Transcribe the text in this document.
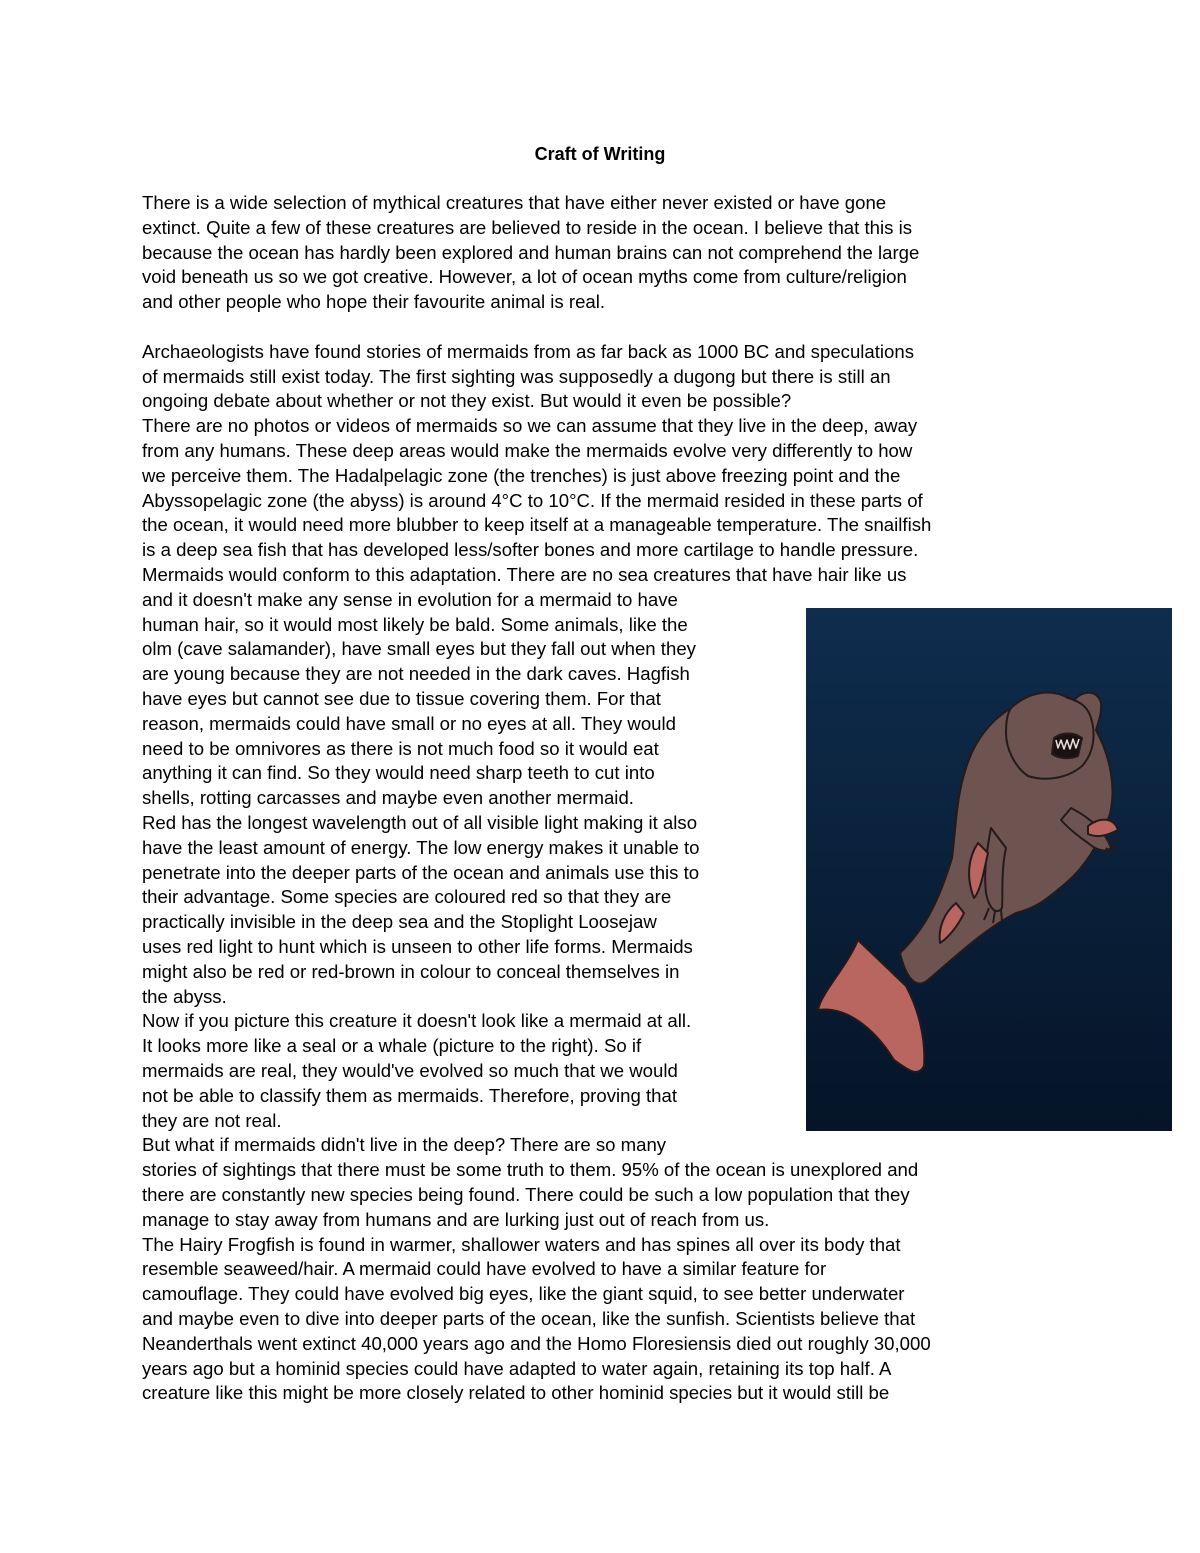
Craft of Writing

There is a wide selection of mythical creatures that have either never existed or have gone

extinct. Quite a few of these creatures are believed to reside in the ocean. I believe that this is

because the ocean has hardly been explored and human brains can not comprehend the large

void beneath us so we got creative. However, a lot of ocean myths come from culture/religion

and other people who hope their favourite animal is real.

Archaeologists have found stories of mermaids from as far back as 1000 BC and speculations

of mermaids still exist today. The first sighting was supposedly a dugong but there is still an

ongoing debate about whether or not they exist. But would it even be possible?

There are no photos or videos of mermaids so we can assume that they live in the deep, away

from any humans. These deep areas would make the mermaids evolve very differently to how

we perceive them. The Hadalpelagic zone (the trenches) is just above freezing point and the

Abyssopelagic zone (the abyss) is around 4°C to 10°C. If the mermaid resided in these parts of

the ocean, it would need more blubber to keep itself at a manageable temperature. The snailfish

is a deep sea fish that has developed less/softer bones and more cartilage to handle pressure.

Mermaids would conform to this adaptation. There are no sea creatures that have hair like us

and it doesn't make any sense in evolution for a mermaid to have

human hair, so it would most likely be bald. Some animals, like the

olm (cave salamander), have small eyes but they fall out when they

are young because they are not needed in the dark caves. Hagfish

have eyes but cannot see due to tissue covering them. For that

reason, mermaids could have small or no eyes at all. They would

need to be omnivores as there is not much food so it would eat

anything it can find. So they would need sharp teeth to cut into

shells, rotting carcasses and maybe even another mermaid.

Red has the longest wavelength out of all visible light making it also

have the least amount of energy. The low energy makes it unable to

penetrate into the deeper parts of the ocean and animals use this to

their advantage. Some species are coloured red so that they are

practically invisible in the deep sea and the Stoplight Loosejaw

uses red light to hunt which is unseen to other life forms. Mermaids

might also be red or red-brown in colour to conceal themselves in

the abyss.

Now if you picture this creature it doesn't look like a mermaid at all.

It looks more like a seal or a whale (picture to the right). So if

mermaids are real, they would've evolved so much that we would

not be able to classify them as mermaids. Therefore, proving that

they are not real.

But what if mermaids didn't live in the deep? There are so many

stories of sightings that there must be some truth to them. 95% of the ocean is unexplored and

there are constantly new species being found. There could be such a low population that they

manage to stay away from humans and are lurking just out of reach from us.

The Hairy Frogfish is found in warmer, shallower waters and has spines all over its body that

resemble seaweed/hair. A mermaid could have evolved to have a similar feature for

camouflage. They could have evolved big eyes, like the giant squid, to see better underwater

and maybe even to dive into deeper parts of the ocean, like the sunfish. Scientists believe that

Neanderthals went extinct 40,000 years ago and the Homo Floresiensis died out roughly 30,000

years ago but a hominid species could have adapted to water again, retaining its top half. A

creature like this might be more closely related to other hominid species but it would still be
